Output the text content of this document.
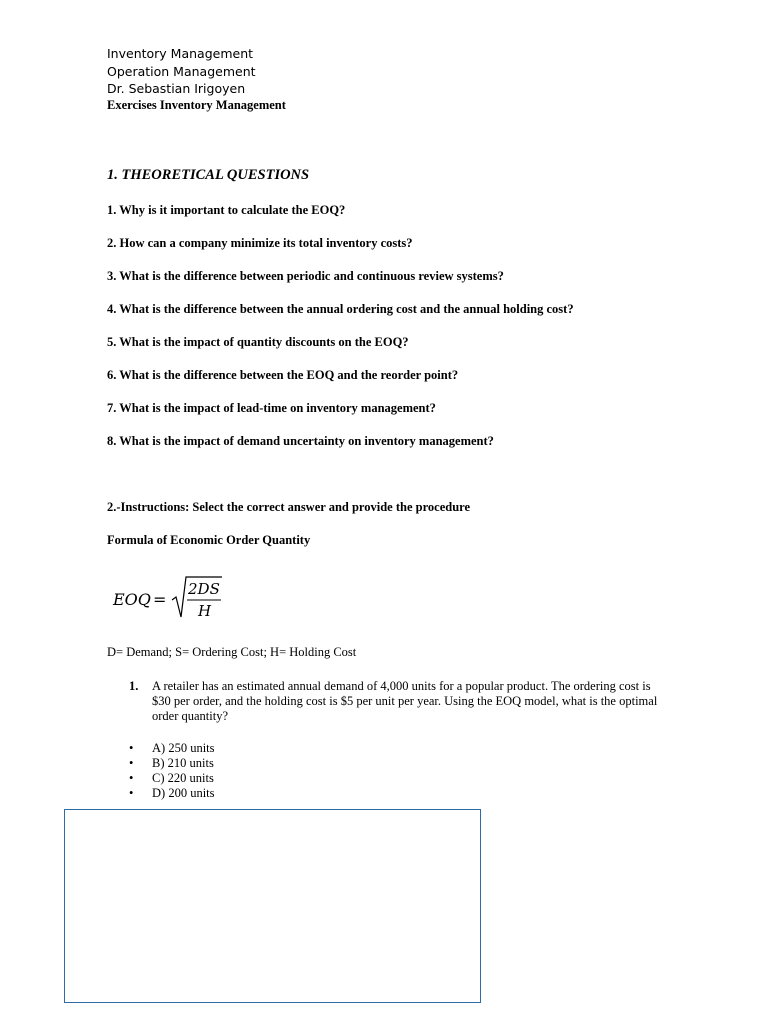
Inventory Management
Operation Management
Dr. Sebastian Irigoyen
Exercises Inventory Management
1. THEORETICAL QUESTIONS
1. Why is it important to calculate the EOQ?
2. How can a company minimize its total inventory costs?
3. What is the difference between periodic and continuous review systems?
4. What is the difference between the annual ordering cost and the annual holding cost?
5. What is the impact of quantity discounts on the EOQ?
6. What is the difference between the EOQ and the reorder point?
7. What is the impact of lead-time on inventory management?
8. What is the impact of demand uncertainty on inventory management?
2.-Instructions: Select the correct answer and provide the procedure
Formula of Economic Order Quantity
EOQ =
2DS
H
D= Demand; S= Ordering Cost; H= Holding Cost
1. A retailer has an estimated annual demand of 4,000 units for a popular product. The ordering cost is $30 per order, and the holding cost is $5 per unit per year. Using the EOQ model, what is the optimal order quantity?
• A) 250 units
• B) 210 units
• C) 220 units
• D) 200 units
